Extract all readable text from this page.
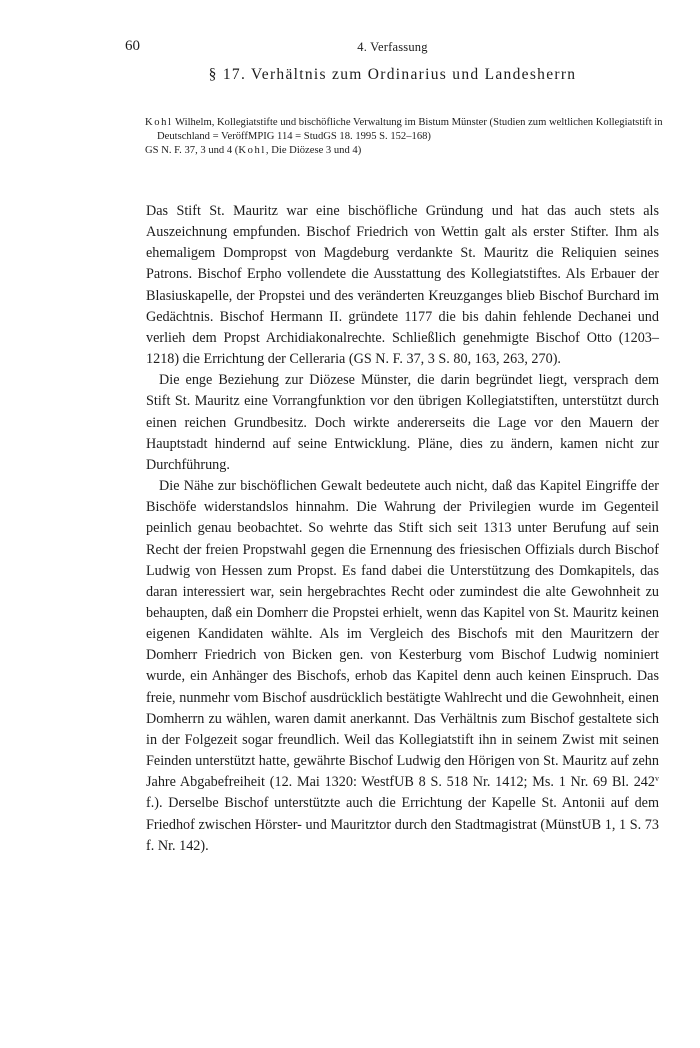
60	4. Verfassung
§ 17. Verhältnis zum Ordinarius und Landesherrn
Kohl Wilhelm, Kollegiatstifte und bischöfliche Verwaltung im Bistum Münster (Studien zum weltlichen Kollegiatstift in Deutschland = VeröffMPIG 114 = StudGS 18. 1995 S. 152–168)
GS N. F. 37, 3 und 4 (Kohl, Die Diözese 3 und 4)

Das Stift St. Mauritz war eine bischöfliche Gründung und hat das auch stets als Auszeichnung empfunden. Bischof Friedrich von Wettin galt als erster Stifter. Ihm als ehemaligem Dompropst von Magdeburg verdankte St. Mauritz die Reliquien seines Patrons. Bischof Erpho vollendete die Ausstattung des Kollegiatstiftes. Als Erbauer der Blasiuskapelle, der Propstei und des veränderten Kreuzganges blieb Bischof Burchard im Gedächtnis. Bischof Hermann II. gründete 1177 die bis dahin fehlende Dechanei und verlieh dem Propst Archidiakonalrechte. Schließlich genehmigte Bischof Otto (1203–1218) die Errichtung der Celleraria (GS N. F. 37, 3 S. 80, 163, 263, 270).

Die enge Beziehung zur Diözese Münster, die darin begründet liegt, versprach dem Stift St. Mauritz eine Vorrangfunktion vor den übrigen Kollegiatstiften, unterstützt durch einen reichen Grundbesitz. Doch wirkte andererseits die Lage vor den Mauern der Hauptstadt hindernd auf seine Entwicklung. Pläne, dies zu ändern, kamen nicht zur Durchführung.

Die Nähe zur bischöflichen Gewalt bedeutete auch nicht, daß das Kapitel Eingriffe der Bischöfe widerstandslos hinnahm. Die Wahrung der Privilegien wurde im Gegenteil peinlich genau beobachtet. So wehrte das Stift sich seit 1313 unter Berufung auf sein Recht der freien Propstwahl gegen die Ernennung des friesischen Offizials durch Bischof Ludwig von Hessen zum Propst. Es fand dabei die Unterstützung des Domkapitels, das daran interessiert war, sein hergebrachtes Recht oder zumindest die alte Gewohnheit zu behaupten, daß ein Domherr die Propstei erhielt, wenn das Kapitel von St. Mauritz keinen eigenen Kandidaten wählte. Als im Vergleich des Bischofs mit den Mauritzern der Domherr Friedrich von Bicken gen. von Kesterburg vom Bischof Ludwig nominiert wurde, ein Anhänger des Bischofs, erhob das Kapitel denn auch keinen Einspruch. Das freie, nunmehr vom Bischof ausdrücklich bestätigte Wahlrecht und die Gewohnheit, einen Domherrn zu wählen, waren damit anerkannt. Das Verhältnis zum Bischof gestaltete sich in der Folgezeit sogar freundlich. Weil das Kollegiatstift ihn in seinem Zwist mit seinen Feinden unterstützt hatte, gewährte Bischof Ludwig den Hörigen von St. Mauritz auf zehn Jahre Abgabefreiheit (12. Mai 1320: WestfUB 8 S. 518 Nr. 1412; Ms. 1 Nr. 69 Bl. 242$^v$ f.). Derselbe Bischof unterstützte auch die Errichtung der Kapelle St. Antonii auf dem Friedhof zwischen Hörster- und Mauritztor durch den Stadtmagistrat (MünstUB 1, 1 S. 73 f. Nr. 142).
